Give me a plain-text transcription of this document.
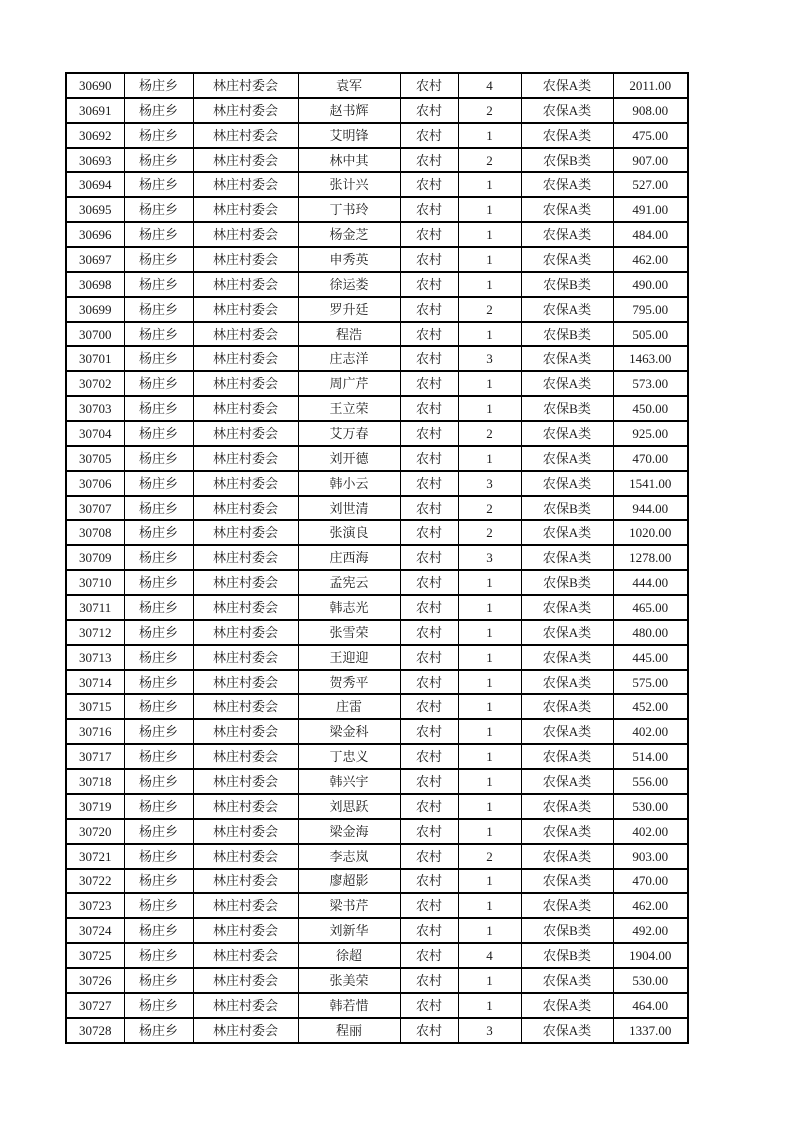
30690	杨庄乡	林庄村委会	袁军	农村	4	农保A类	2011.00
30691	杨庄乡	林庄村委会	赵书辉	农村	2	农保A类	908.00
30692	杨庄乡	林庄村委会	艾明锋	农村	1	农保A类	475.00
30693	杨庄乡	林庄村委会	林中其	农村	2	农保B类	907.00
30694	杨庄乡	林庄村委会	张计兴	农村	1	农保A类	527.00
30695	杨庄乡	林庄村委会	丁书玲	农村	1	农保A类	491.00
30696	杨庄乡	林庄村委会	杨金芝	农村	1	农保A类	484.00
30697	杨庄乡	林庄村委会	申秀英	农村	1	农保A类	462.00
30698	杨庄乡	林庄村委会	徐运娄	农村	1	农保B类	490.00
30699	杨庄乡	林庄村委会	罗升廷	农村	2	农保A类	795.00
30700	杨庄乡	林庄村委会	程浩	农村	1	农保B类	505.00
30701	杨庄乡	林庄村委会	庄志洋	农村	3	农保A类	1463.00
30702	杨庄乡	林庄村委会	周广芹	农村	1	农保A类	573.00
30703	杨庄乡	林庄村委会	王立荣	农村	1	农保B类	450.00
30704	杨庄乡	林庄村委会	艾万春	农村	2	农保A类	925.00
30705	杨庄乡	林庄村委会	刘开德	农村	1	农保A类	470.00
30706	杨庄乡	林庄村委会	韩小云	农村	3	农保A类	1541.00
30707	杨庄乡	林庄村委会	刘世清	农村	2	农保B类	944.00
30708	杨庄乡	林庄村委会	张演良	农村	2	农保A类	1020.00
30709	杨庄乡	林庄村委会	庄西海	农村	3	农保A类	1278.00
30710	杨庄乡	林庄村委会	孟宪云	农村	1	农保B类	444.00
30711	杨庄乡	林庄村委会	韩志光	农村	1	农保A类	465.00
30712	杨庄乡	林庄村委会	张雪荣	农村	1	农保A类	480.00
30713	杨庄乡	林庄村委会	王迎迎	农村	1	农保A类	445.00
30714	杨庄乡	林庄村委会	贺秀平	农村	1	农保A类	575.00
30715	杨庄乡	林庄村委会	庄雷	农村	1	农保A类	452.00
30716	杨庄乡	林庄村委会	梁金科	农村	1	农保A类	402.00
30717	杨庄乡	林庄村委会	丁忠义	农村	1	农保A类	514.00
30718	杨庄乡	林庄村委会	韩兴宇	农村	1	农保A类	556.00
30719	杨庄乡	林庄村委会	刘思跃	农村	1	农保A类	530.00
30720	杨庄乡	林庄村委会	梁金海	农村	1	农保A类	402.00
30721	杨庄乡	林庄村委会	李志岚	农村	2	农保A类	903.00
30722	杨庄乡	林庄村委会	廖超影	农村	1	农保A类	470.00
30723	杨庄乡	林庄村委会	梁书芹	农村	1	农保A类	462.00
30724	杨庄乡	林庄村委会	刘新华	农村	1	农保B类	492.00
30725	杨庄乡	林庄村委会	徐超	农村	4	农保B类	1904.00
30726	杨庄乡	林庄村委会	张美荣	农村	1	农保A类	530.00
30727	杨庄乡	林庄村委会	韩若惜	农村	1	农保A类	464.00
30728	杨庄乡	林庄村委会	程丽	农村	3	农保A类	1337.00
